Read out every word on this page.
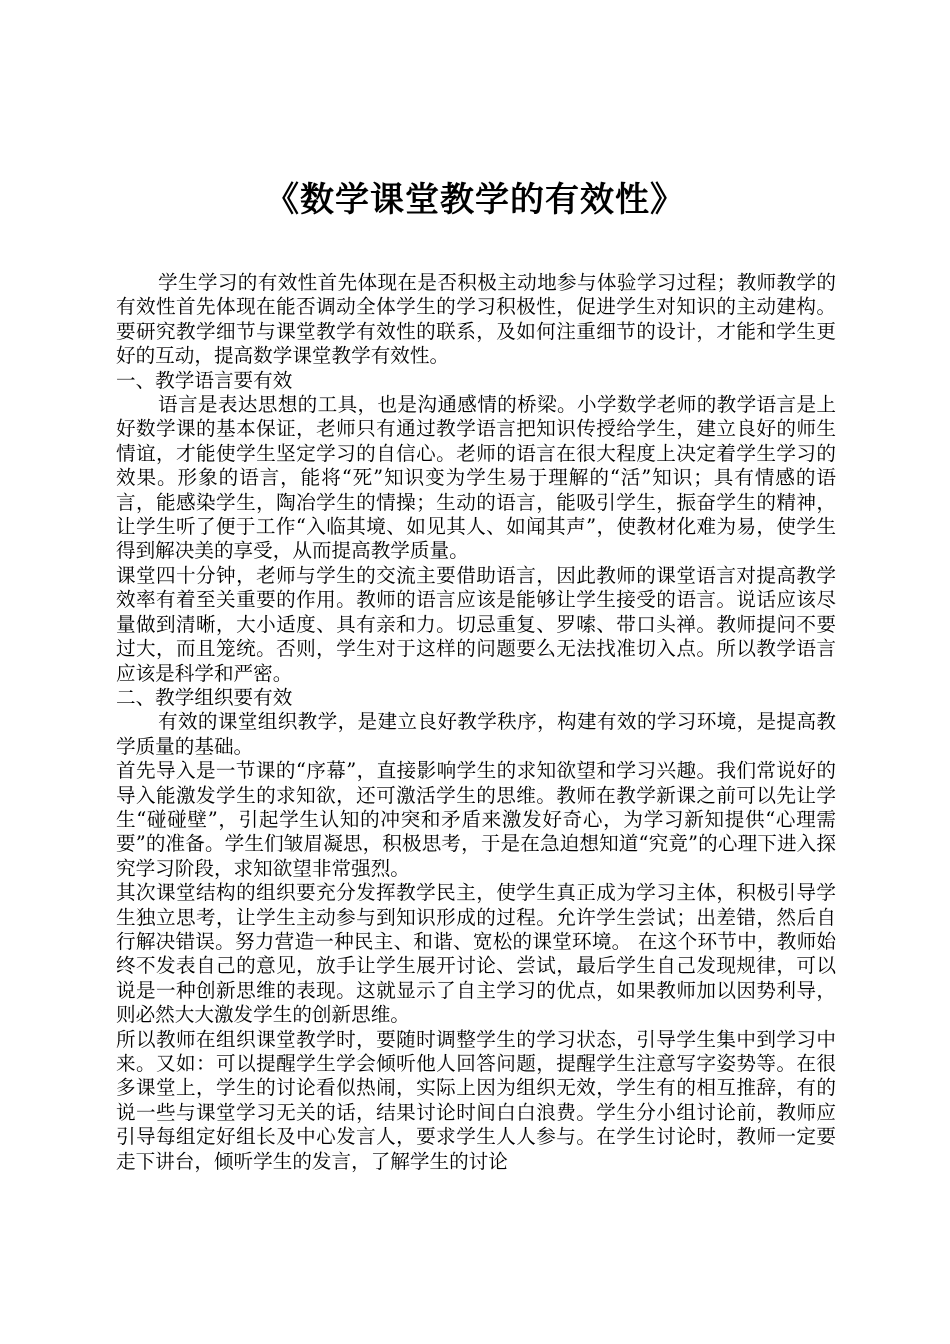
《数学课堂教学的有效性》

学生学习的有效性首先体现在是否积极主动地参与体验学习过程；教师教学的有效性首先体现在能否调动全体学生的学习积极性，促进学生对知识的主动建构。要研究教学细节与课堂教学有效性的联系，及如何注重细节的设计，才能和学生更好的互动，提高数学课堂教学有效性。

一、教学语言要有效

语言是表达思想的工具，也是沟通感情的桥梁。小学数学老师的教学语言是上好数学课的基本保证，老师只有通过教学语言把知识传授给学生，建立良好的师生情谊，才能使学生坚定学习的自信心。老师的语言在很大程度上决定着学生学习的效果。形象的语言，能将“死”知识变为学生易于理解的“活”知识；具有情感的语言，能感染学生，陶冶学生的情操；生动的语言，能吸引学生，振奋学生的精神，让学生听了便于工作“入临其境、如见其人、如闻其声”，使教材化难为易，使学生得到解决美的享受，从而提高教学质量。

课堂四十分钟，老师与学生的交流主要借助语言，因此教师的课堂语言对提高教学效率有着至关重要的作用。教师的语言应该是能够让学生接受的语言。说话应该尽量做到清晰，大小适度、具有亲和力。切忌重复、罗嗦、带口头禅。教师提问不要过大，而且笼统。否则，学生对于这样的问题要么无法找准切入点。所以教学语言应该是科学和严密。

二、教学组织要有效

有效的课堂组织教学，是建立良好教学秩序，构建有效的学习环境，是提高教学质量的基础。

首先导入是一节课的“序幕”，直接影响学生的求知欲望和学习兴趣。我们常说好的导入能激发学生的求知欲，还可激活学生的思维。教师在教学新课之前可以先让学生“碰碰壁”，引起学生认知的冲突和矛盾来激发好奇心，为学习新知提供“心理需要”的准备。学生们皱眉凝思，积极思考，于是在急迫想知道“究竟”的心理下进入探究学习阶段，求知欲望非常强烈。

其次课堂结构的组织要充分发挥教学民主，使学生真正成为学习主体，积极引导学生独立思考，让学生主动参与到知识形成的过程。允许学生尝试；出差错，然后自行解决错误。努力营造一种民主、和谐、宽松的课堂环境。 在这个环节中，教师始终不发表自己的意见，放手让学生展开讨论、尝试，最后学生自己发现规律，可以说是一种创新思维的表现。这就显示了自主学习的优点，如果教师加以因势利导，则必然大大激发学生的创新思维。

所以教师在组织课堂教学时，要随时调整学生的学习状态，引导学生集中到学习中来。又如：可以提醒学生学会倾听他人回答问题，提醒学生注意写字姿势等。在很多课堂上，学生的讨论看似热闹，实际上因为组织无效，学生有的相互推辞，有的说一些与课堂学习无关的话，结果讨论时间白白浪费。学生分小组讨论前，教师应引导每组定好组长及中心发言人，要求学生人人参与。在学生讨论时，教师一定要走下讲台，倾听学生的发言，了解学生的讨论
